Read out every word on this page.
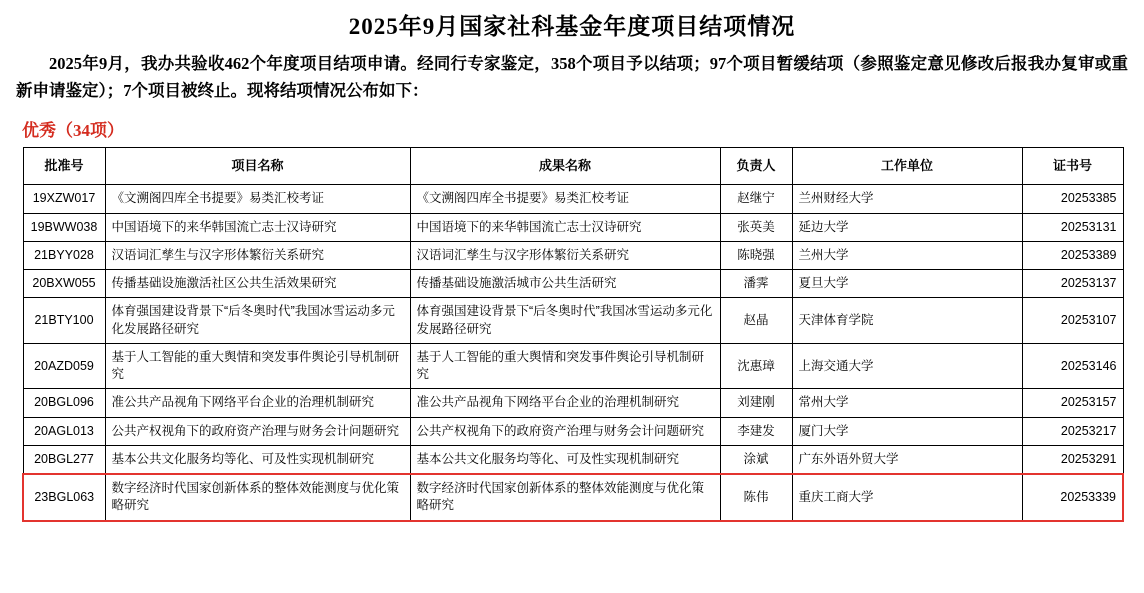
2025年9月国家社科基金年度项目结项情况
2025年9月，我办共验收462个年度项目结项申请。经同行专家鉴定，358个项目予以结项；97个项目暂缓结项（参照鉴定意见修改后报我办复审或重新申请鉴定）；7个项目被终止。现将结项情况公布如下：
优秀（34项）
批准号	项目名称	成果名称	负责人	工作单位	证书号
19XZW017	《文溯阁四库全书提要》易类汇校考证	《文溯阁四库全书提要》易类汇校考证	赵继宁	兰州财经大学	20253385
19BWW038	中国语境下的来华韩国流亡志士汉诗研究	中国语境下的来华韩国流亡志士汉诗研究	张英美	延边大学	20253131
21BYY028	汉语词汇孳生与汉字形体繁衍关系研究	汉语词汇孳生与汉字形体繁衍关系研究	陈晓强	兰州大学	20253389
20BXW055	传播基础设施激活社区公共生活效果研究	传播基础设施激活城市公共生活研究	潘霁	夏旦大学	20253137
21BTY100	体育强国建设背景下“后冬奥时代”我国冰雪运动多元化发展路径研究	体育强国建设背景下“后冬奥时代”我国冰雪运动多元化发展路径研究	赵晶	天津体育学院	20253107
20AZD059	基于人工智能的重大舆情和突发事件舆论引导机制研究	基于人工智能的重大舆情和突发事件舆论引导机制研究	沈惠璋	上海交通大学	20253146
20BGL096	准公共产品视角下网络平台企业的治理机制研究	准公共产品视角下网络平台企业的治理机制研究	刘建刚	常州大学	20253157
20AGL013	公共产权视角下的政府资产治理与财务会计问题研究	公共产权视角下的政府资产治理与财务会计问题研究	李建发	厦门大学	20253217
20BGL277	基本公共文化服务均等化、可及性实现机制研究	基本公共文化服务均等化、可及性实现机制研究	涂斌	广东外语外贸大学	20253291
23BGL063	数字经济时代国家创新体系的整体效能测度与优化策略研究	数字经济时代国家创新体系的整体效能测度与优化策略研究	陈伟	重庆工商大学	20253339
